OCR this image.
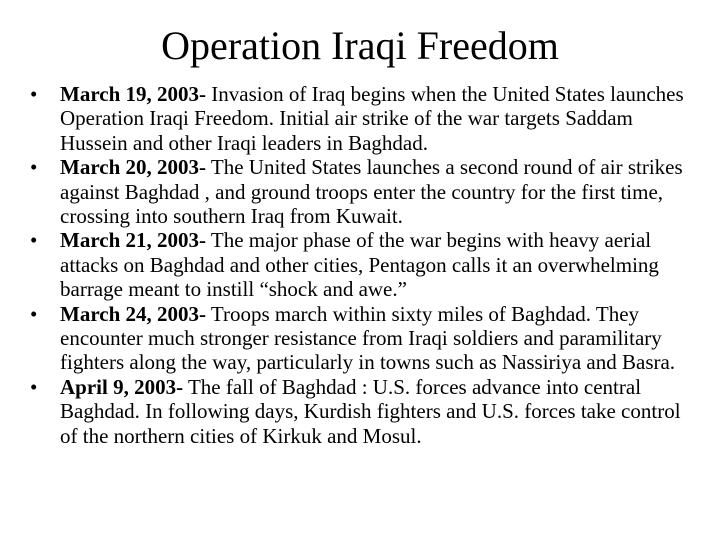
Operation Iraqi Freedom
•	March 19, 2003- Invasion of Iraq begins when the United States launches Operation Iraqi Freedom. Initial air strike of the war targets Saddam Hussein and other Iraqi leaders in Baghdad.
•	March 20, 2003- The United States launches a second round of air strikes against Baghdad , and ground troops enter the country for the first time, crossing into southern Iraq from Kuwait.
•	March 21, 2003- The major phase of the war begins with heavy aerial attacks on Baghdad and other cities, Pentagon calls it an overwhelming barrage meant to instill “shock and awe.”
•	March 24, 2003- Troops march within sixty miles of Baghdad. They encounter much stronger resistance from Iraqi soldiers and paramilitary fighters along the way, particularly in towns such as Nassiriya and Basra.
•	April 9, 2003- The fall of Baghdad : U.S. forces advance into central Baghdad. In following days, Kurdish fighters and U.S. forces take control of the northern cities of Kirkuk and Mosul.
